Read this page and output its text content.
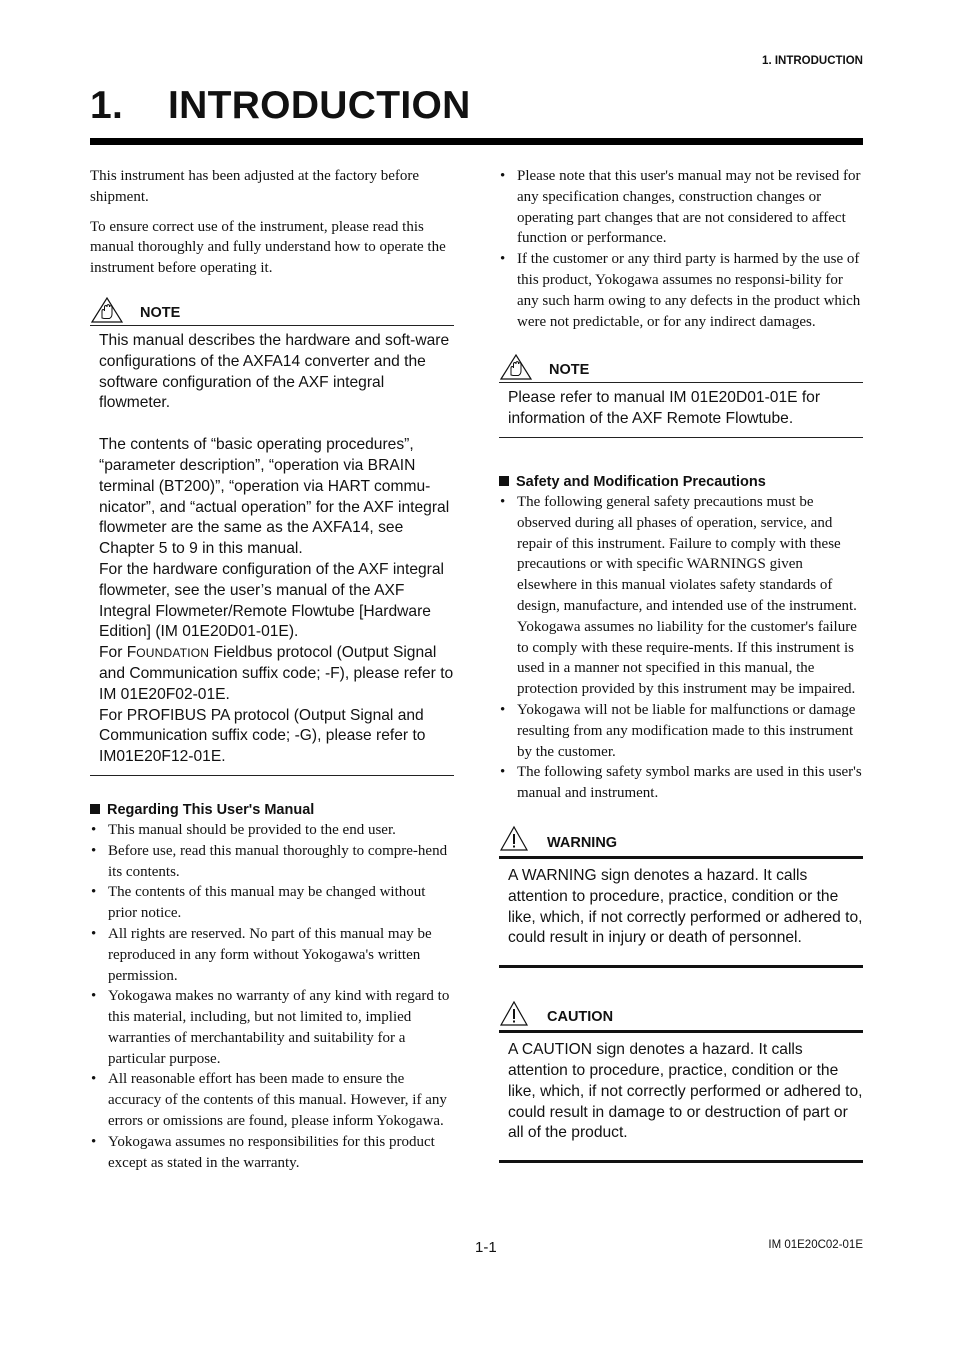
1. INTRODUCTION
1. INTRODUCTION

This instrument has been adjusted at the factory before shipment.

To ensure correct use of the instrument, please read this manual thoroughly and fully understand how to operate the instrument before operating it.

NOTE

This manual describes the hardware and soft-ware configurations of the AXFA14 converter and the software configuration of the AXF integral flowmeter.

The contents of “basic operating procedures”, “parameter description”, “operation via BRAIN terminal (BT200)”, “operation via HART commu-nicator”, and “actual operation” for the AXF integral flowmeter are the same as the AXFA14, see Chapter 5 to 9 in this manual.

For the hardware configuration of the AXF integral flowmeter, see the user’s manual of the AXF Integral Flowmeter/Remote Flowtube [Hardware Edition] (IM 01E20D01-01E).

For FOUNDATION Fieldbus protocol (Output Signal and Communication suffix code; -F), please refer to IM 01E20F02-01E.

For PROFIBUS PA protocol (Output Signal and Communication suffix code; -G), please refer to IM01E20F12-01E.

Regarding This User's Manual
• This manual should be provided to the end user.
• Before use, read this manual thoroughly to compre-hend its contents.
• The contents of this manual may be changed without prior notice.
• All rights are reserved. No part of this manual may be reproduced in any form without Yokogawa's written permission.
• Yokogawa makes no warranty of any kind with regard to this material, including, but not limited to, implied warranties of merchantability and suitability for a particular purpose.
• All reasonable effort has been made to ensure the accuracy of the contents of this manual. However, if any errors or omissions are found, please inform Yokogawa.
• Yokogawa assumes no responsibilities for this product except as stated in the warranty.
• Please note that this user's manual may not be revised for any specification changes, construction changes or operating part changes that are not considered to affect function or performance.
• If the customer or any third party is harmed by the use of this product, Yokogawa assumes no responsi-bility for any such harm owing to any defects in the product which were not predictable, or for any indirect damages.
NOTE

Please refer to manual IM 01E20D01-01E for information of the AXF Remote Flowtube.

Safety and Modification Precautions
• The following general safety precautions must be observed during all phases of operation, service, and repair of this instrument. Failure to comply with these precautions or with specific WARNINGS given elsewhere in this manual violates safety standards of design, manufacture, and intended use of the instrument. Yokogawa assumes no liability for the customer's failure to comply with these require-ments. If this instrument is used in a manner not specified in this manual, the protection provided by this instrument may be impaired.
• Yokogawa will not be liable for malfunctions or damage resulting from any modification made to this instrument by the customer.
• The following safety symbol marks are used in this user's manual and instrument.
WARNING

A WARNING sign denotes a hazard. It calls attention to procedure, practice, condition or the like, which, if not correctly performed or adhered to, could result in injury or death of personnel.

CAUTION

A CAUTION sign denotes a hazard. It calls attention to procedure, practice, condition or the like, which, if not correctly performed or adhered to, could result in damage to or destruction of part or all of the product.

1-1	IM 01E20C02-01E
